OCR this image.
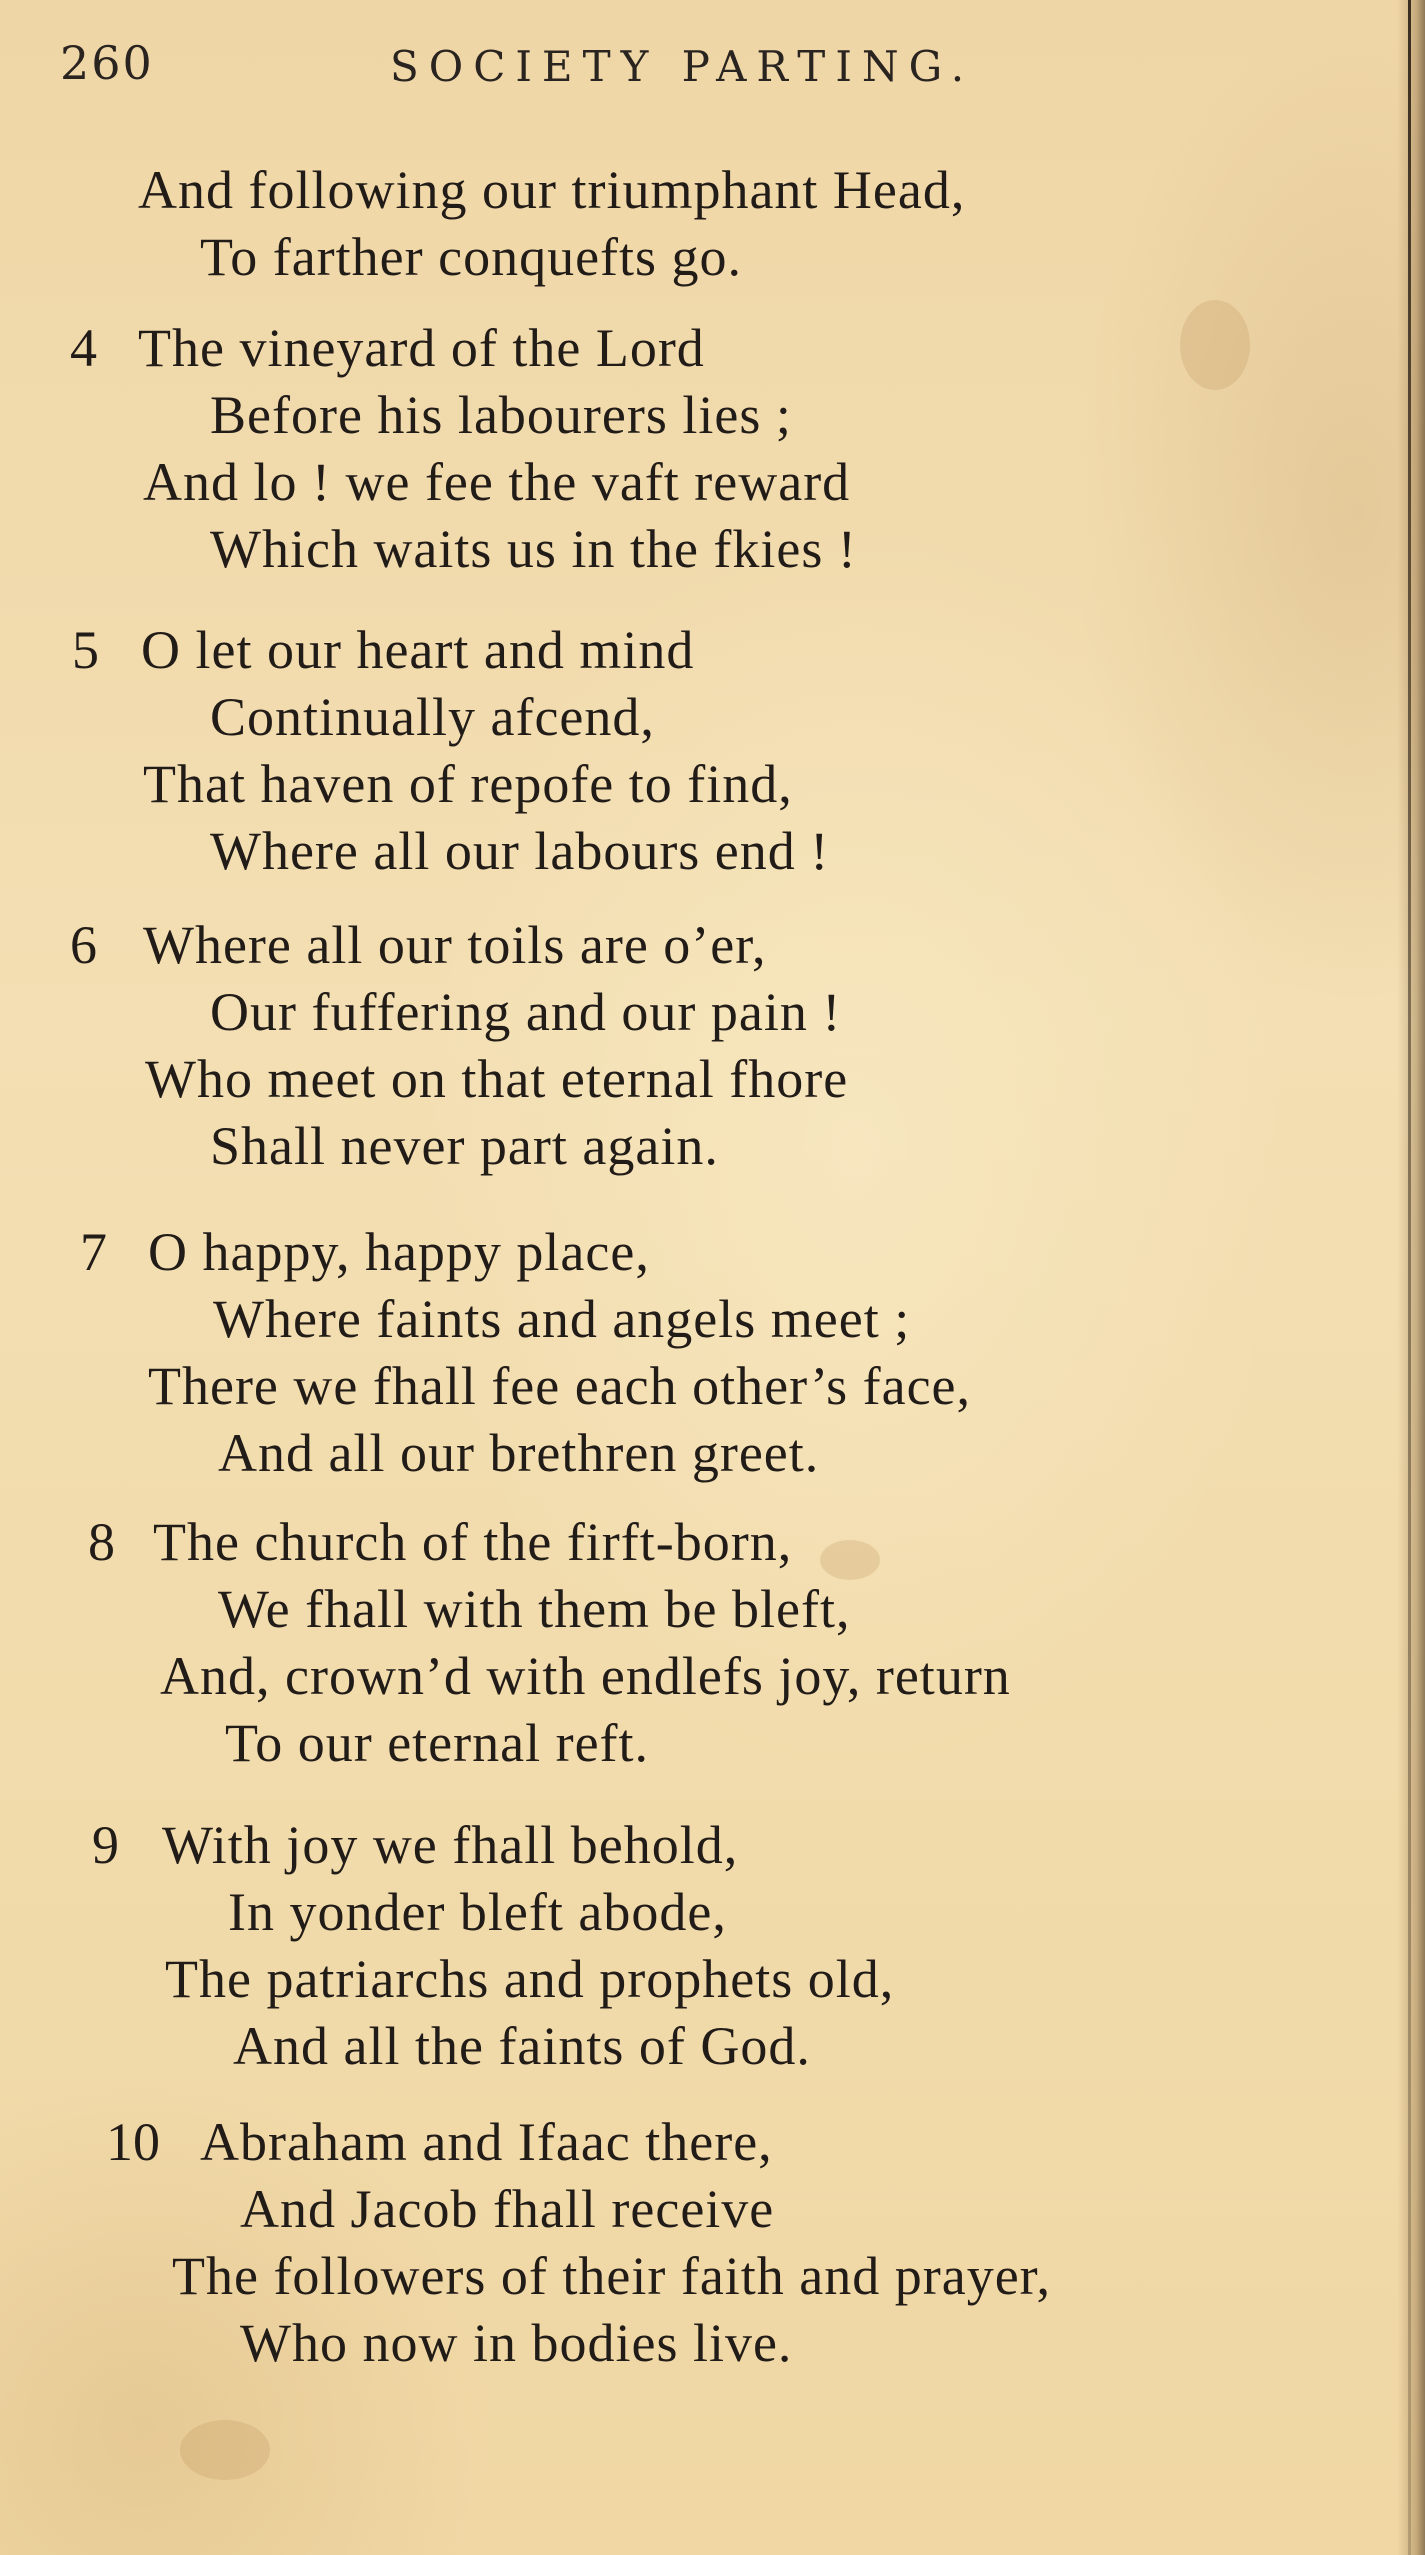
260	SOCIETY PARTING.
And following our triumphant Head,
To farther conquefts go.
4 The vineyard of the Lord
Before his labourers lies ;
And lo ! we fee the vaft reward
Which waits us in the fkies !
5 O let our heart and mind
Continually afcend,
That haven of repofe to find,
Where all our labours end !
6 Where all our toils are o’er,
Our fuffering and our pain !
Who meet on that eternal fhore
Shall never part again.
7 O happy, happy place,
Where faints and angels meet ;
There we fhall fee each other’s face,
And all our brethren greet.
8 The church of the firft-born,
We fhall with them be bleft,
And, crown’d with endlefs joy, return
To our eternal reft.
9 With joy we fhall behold,
In yonder bleft abode,
The patriarchs and prophets old,
And all the faints of God.
10 Abraham and Ifaac there,
And Jacob fhall receive
The followers of their faith and prayer,
Who now in bodies live.
